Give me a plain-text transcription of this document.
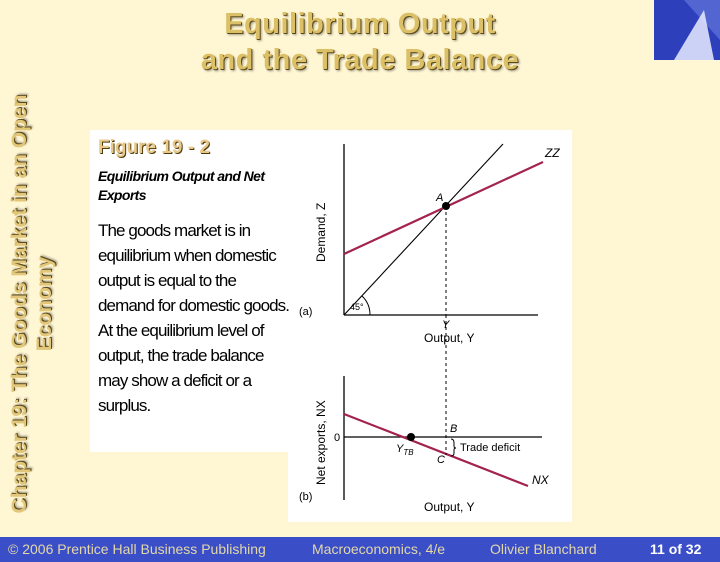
Equilibrium Output
and the Trade Balance
Chapter 19: The Goods Market in an Open Economy
Figure 19 - 2
Equilibrium Output and Net Exports
The goods market is in equilibrium when domestic output is equal to the demand for domestic goods. At the equilibrium level of output, the trade balance may show a deficit or a surplus.
A
ZZ
45°
(a)
Y
Output, Y
Demand, Z
0
B
C
$Y_{TB}$	Trade deficit
NX
(b)
Output, Y
Net exports, NX
© 2006 Prentice Hall Business Publishing	Macroeconomics, 4/e	Olivier Blanchard	11 of 32
